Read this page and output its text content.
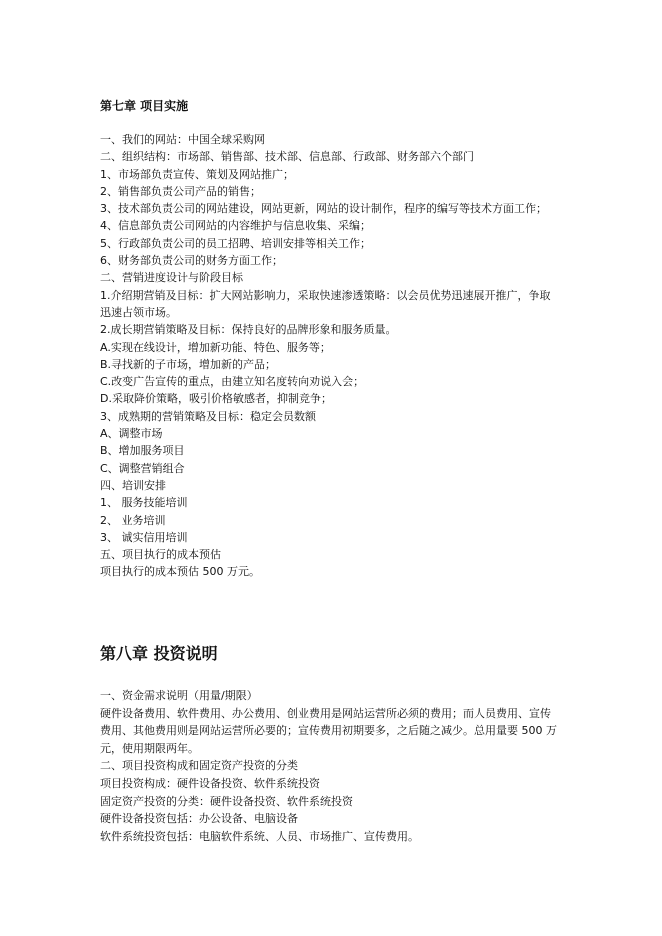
第七章 项目实施
一、我们的网站：中国全球采购网
二、组织结构：市场部、销售部、技术部、信息部、行政部、财务部六个部门
1、市场部负责宣传、策划及网站推广；
2、销售部负责公司产品的销售；
3、技术部负责公司的网站建设，网站更新，网站的设计制作，程序的编写等技术方面工作；
4、信息部负责公司网站的内容维护与信息收集、采编；
5、行政部负责公司的员工招聘、培训安排等相关工作；
6、财务部负责公司的财务方面工作；
二、营销进度设计与阶段目标
1.介绍期营销及目标：扩大网站影响力，采取快速渗透策略：以会员优势迅速展开推广，争取迅速占领市场。
2.成长期营销策略及目标：保持良好的品牌形象和服务质量。
A.实现在线设计，增加新功能、特色、服务等；
B.寻找新的子市场，增加新的产品；
C.改变广告宣传的重点，由建立知名度转向劝说入会；
D.采取降价策略，吸引价格敏感者，抑制竞争；
3、成熟期的营销策略及目标：稳定会员数额
A、调整市场
B、增加服务项目
C、调整营销组合
四、培训安排
1、 服务技能培训
2、 业务培训
3、 诚实信用培训
五、项目执行的成本预估
项目执行的成本预估 500 万元。
第八章 投资说明
一、资金需求说明（用量/期限）
硬件设备费用、软件费用、办公费用、创业费用是网站运营所必须的费用；而人员费用、宣传费用、其他费用则是网站运营所必要的；宣传费用初期要多，之后随之减少。总用量要 500 万元，使用期限两年。
二、项目投资构成和固定资产投资的分类
项目投资构成：硬件设备投资、软件系统投资
固定资产投资的分类：硬件设备投资、软件系统投资
硬件设备投资包括：办公设备、电脑设备
软件系统投资包括：电脑软件系统、人员、市场推广、宣传费用。
